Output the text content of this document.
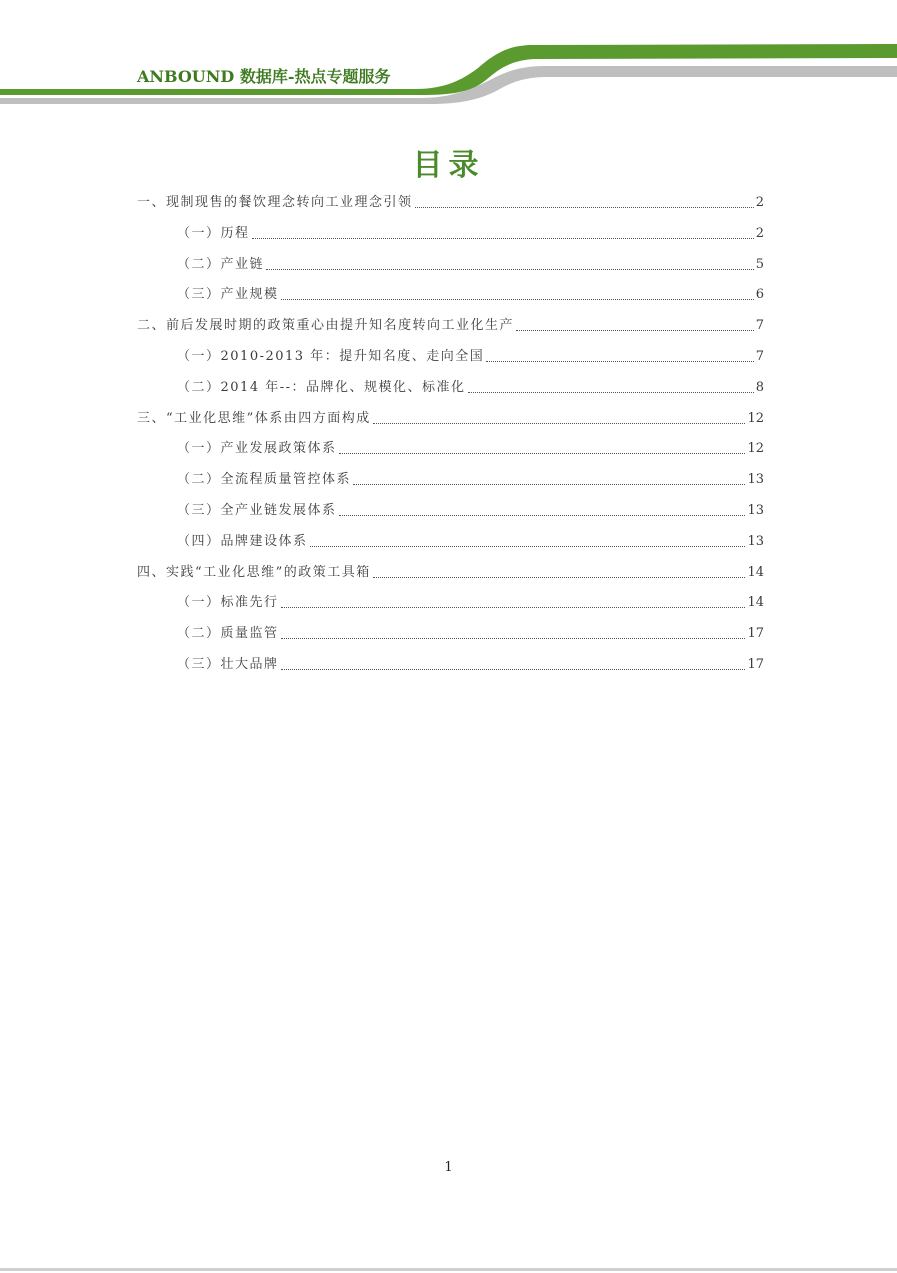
ANBOUND 数据库-热点专题服务
目录
一、现制现售的餐饮理念转向工业理念引领	2
（一）历程	2
（二）产业链	5
（三）产业规模	6
二、前后发展时期的政策重心由提升知名度转向工业化生产	7
（一）2010-2013 年：提升知名度、走向全国	7
（二）2014 年--：品牌化、规模化、标准化	8
三、“工业化思维”体系由四方面构成	12
（一）产业发展政策体系	12
（二）全流程质量管控体系	13
（三）全产业链发展体系	13
（四）品牌建设体系	13
四、实践“工业化思维”的政策工具箱	14
（一）标准先行	14
（二）质量监管	17
（三）壮大品牌	17
1
